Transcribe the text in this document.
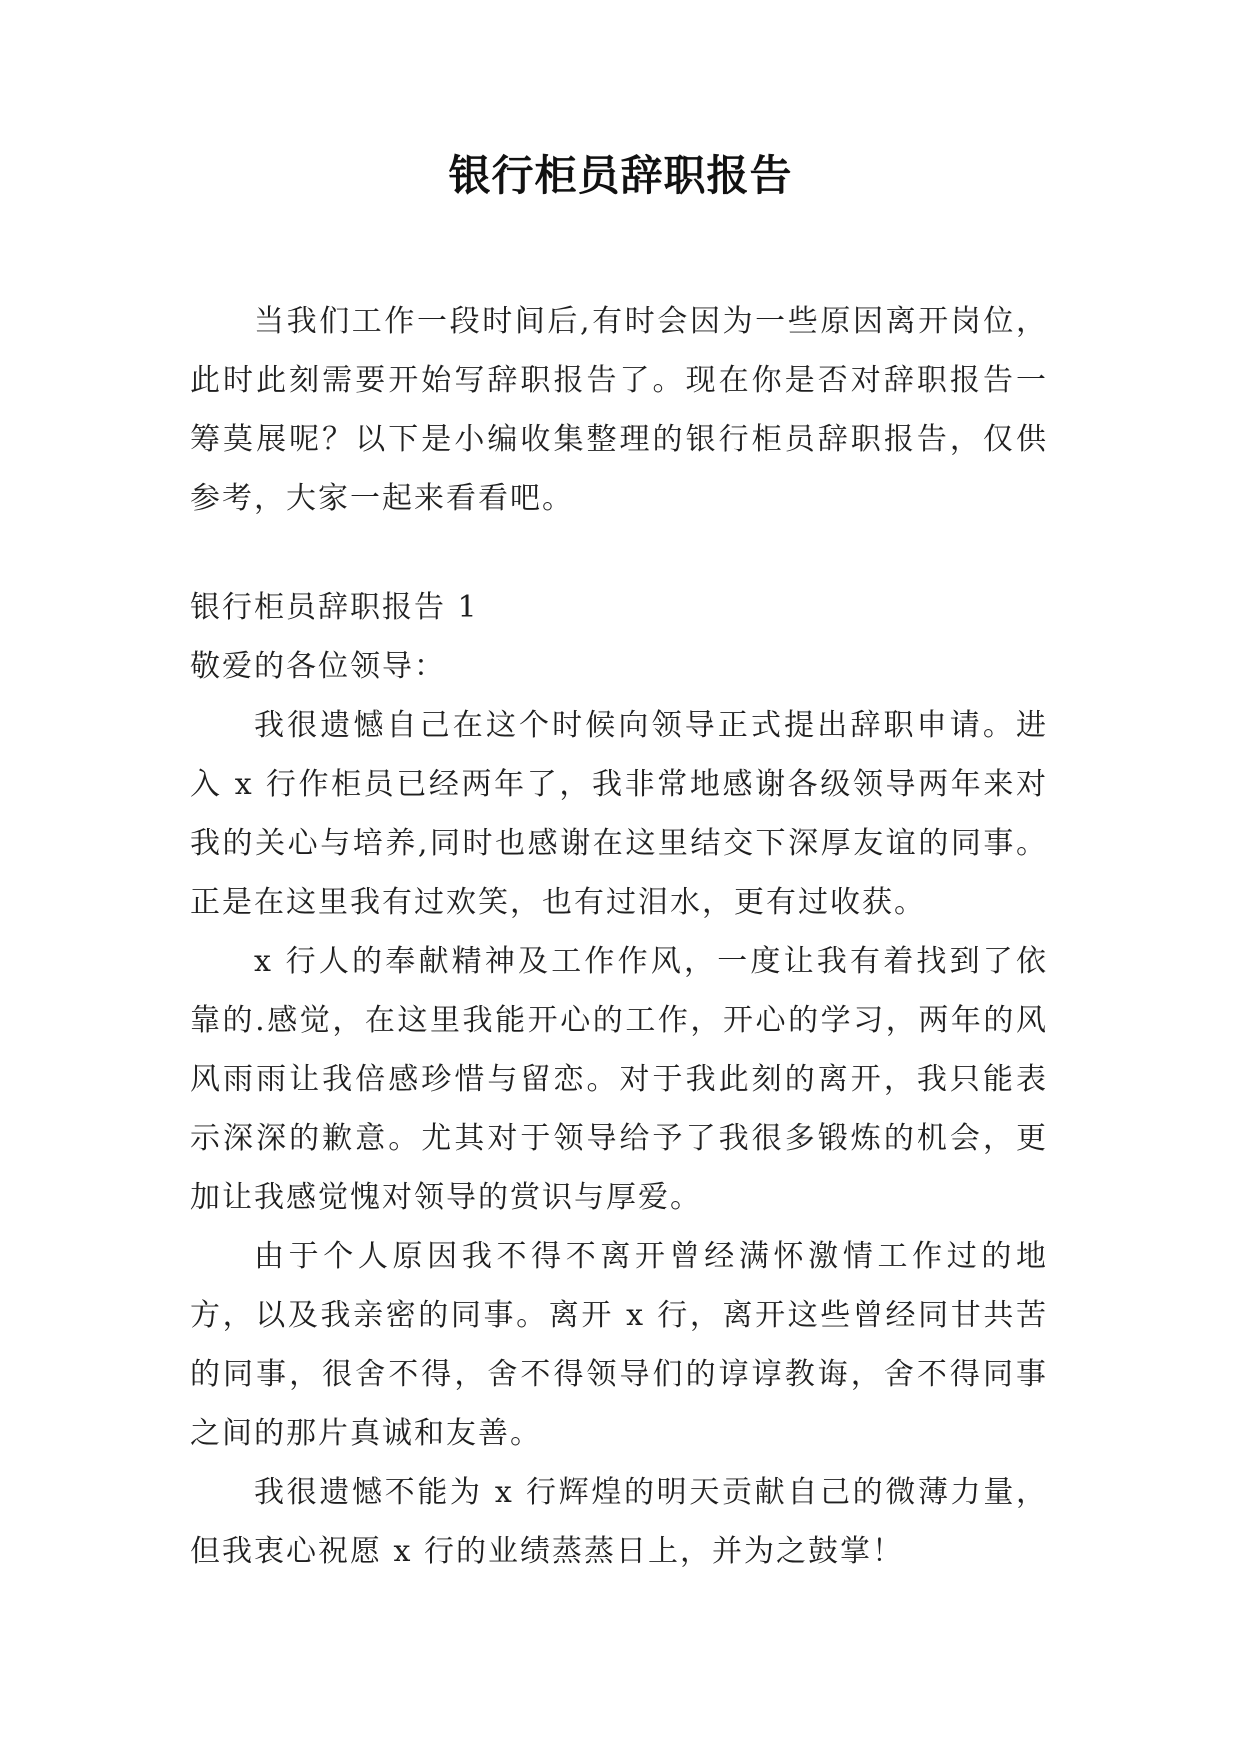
银行柜员辞职报告
当我们工作一段时间后,有时会因为一些原因离开岗位，此时此刻需要开始写辞职报告了。现在你是否对辞职报告一筹莫展呢？以下是小编收集整理的银行柜员辞职报告，仅供参考，大家一起来看看吧。
银行柜员辞职报告 1
敬爱的各位领导：

我很遗憾自己在这个时候向领导正式提出辞职申请。进入 x 行作柜员已经两年了，我非常地感谢各级领导两年来对我的关心与培养,同时也感谢在这里结交下深厚友谊的同事。正是在这里我有过欢笑，也有过泪水，更有过收获。

x 行人的奉献精神及工作作风，一度让我有着找到了依靠的.感觉，在这里我能开心的工作，开心的学习，两年的风风雨雨让我倍感珍惜与留恋。对于我此刻的离开，我只能表示深深的歉意。尤其对于领导给予了我很多锻炼的机会，更加让我感觉愧对领导的赏识与厚爱。

由于个人原因我不得不离开曾经满怀激情工作过的地方，以及我亲密的同事。离开 x 行，离开这些曾经同甘共苦的同事，很舍不得，舍不得领导们的谆谆教诲，舍不得同事之间的那片真诚和友善。

我很遗憾不能为 x 行辉煌的明天贡献自己的微薄力量，但我衷心祝愿 x 行的业绩蒸蒸日上，并为之鼓掌！
